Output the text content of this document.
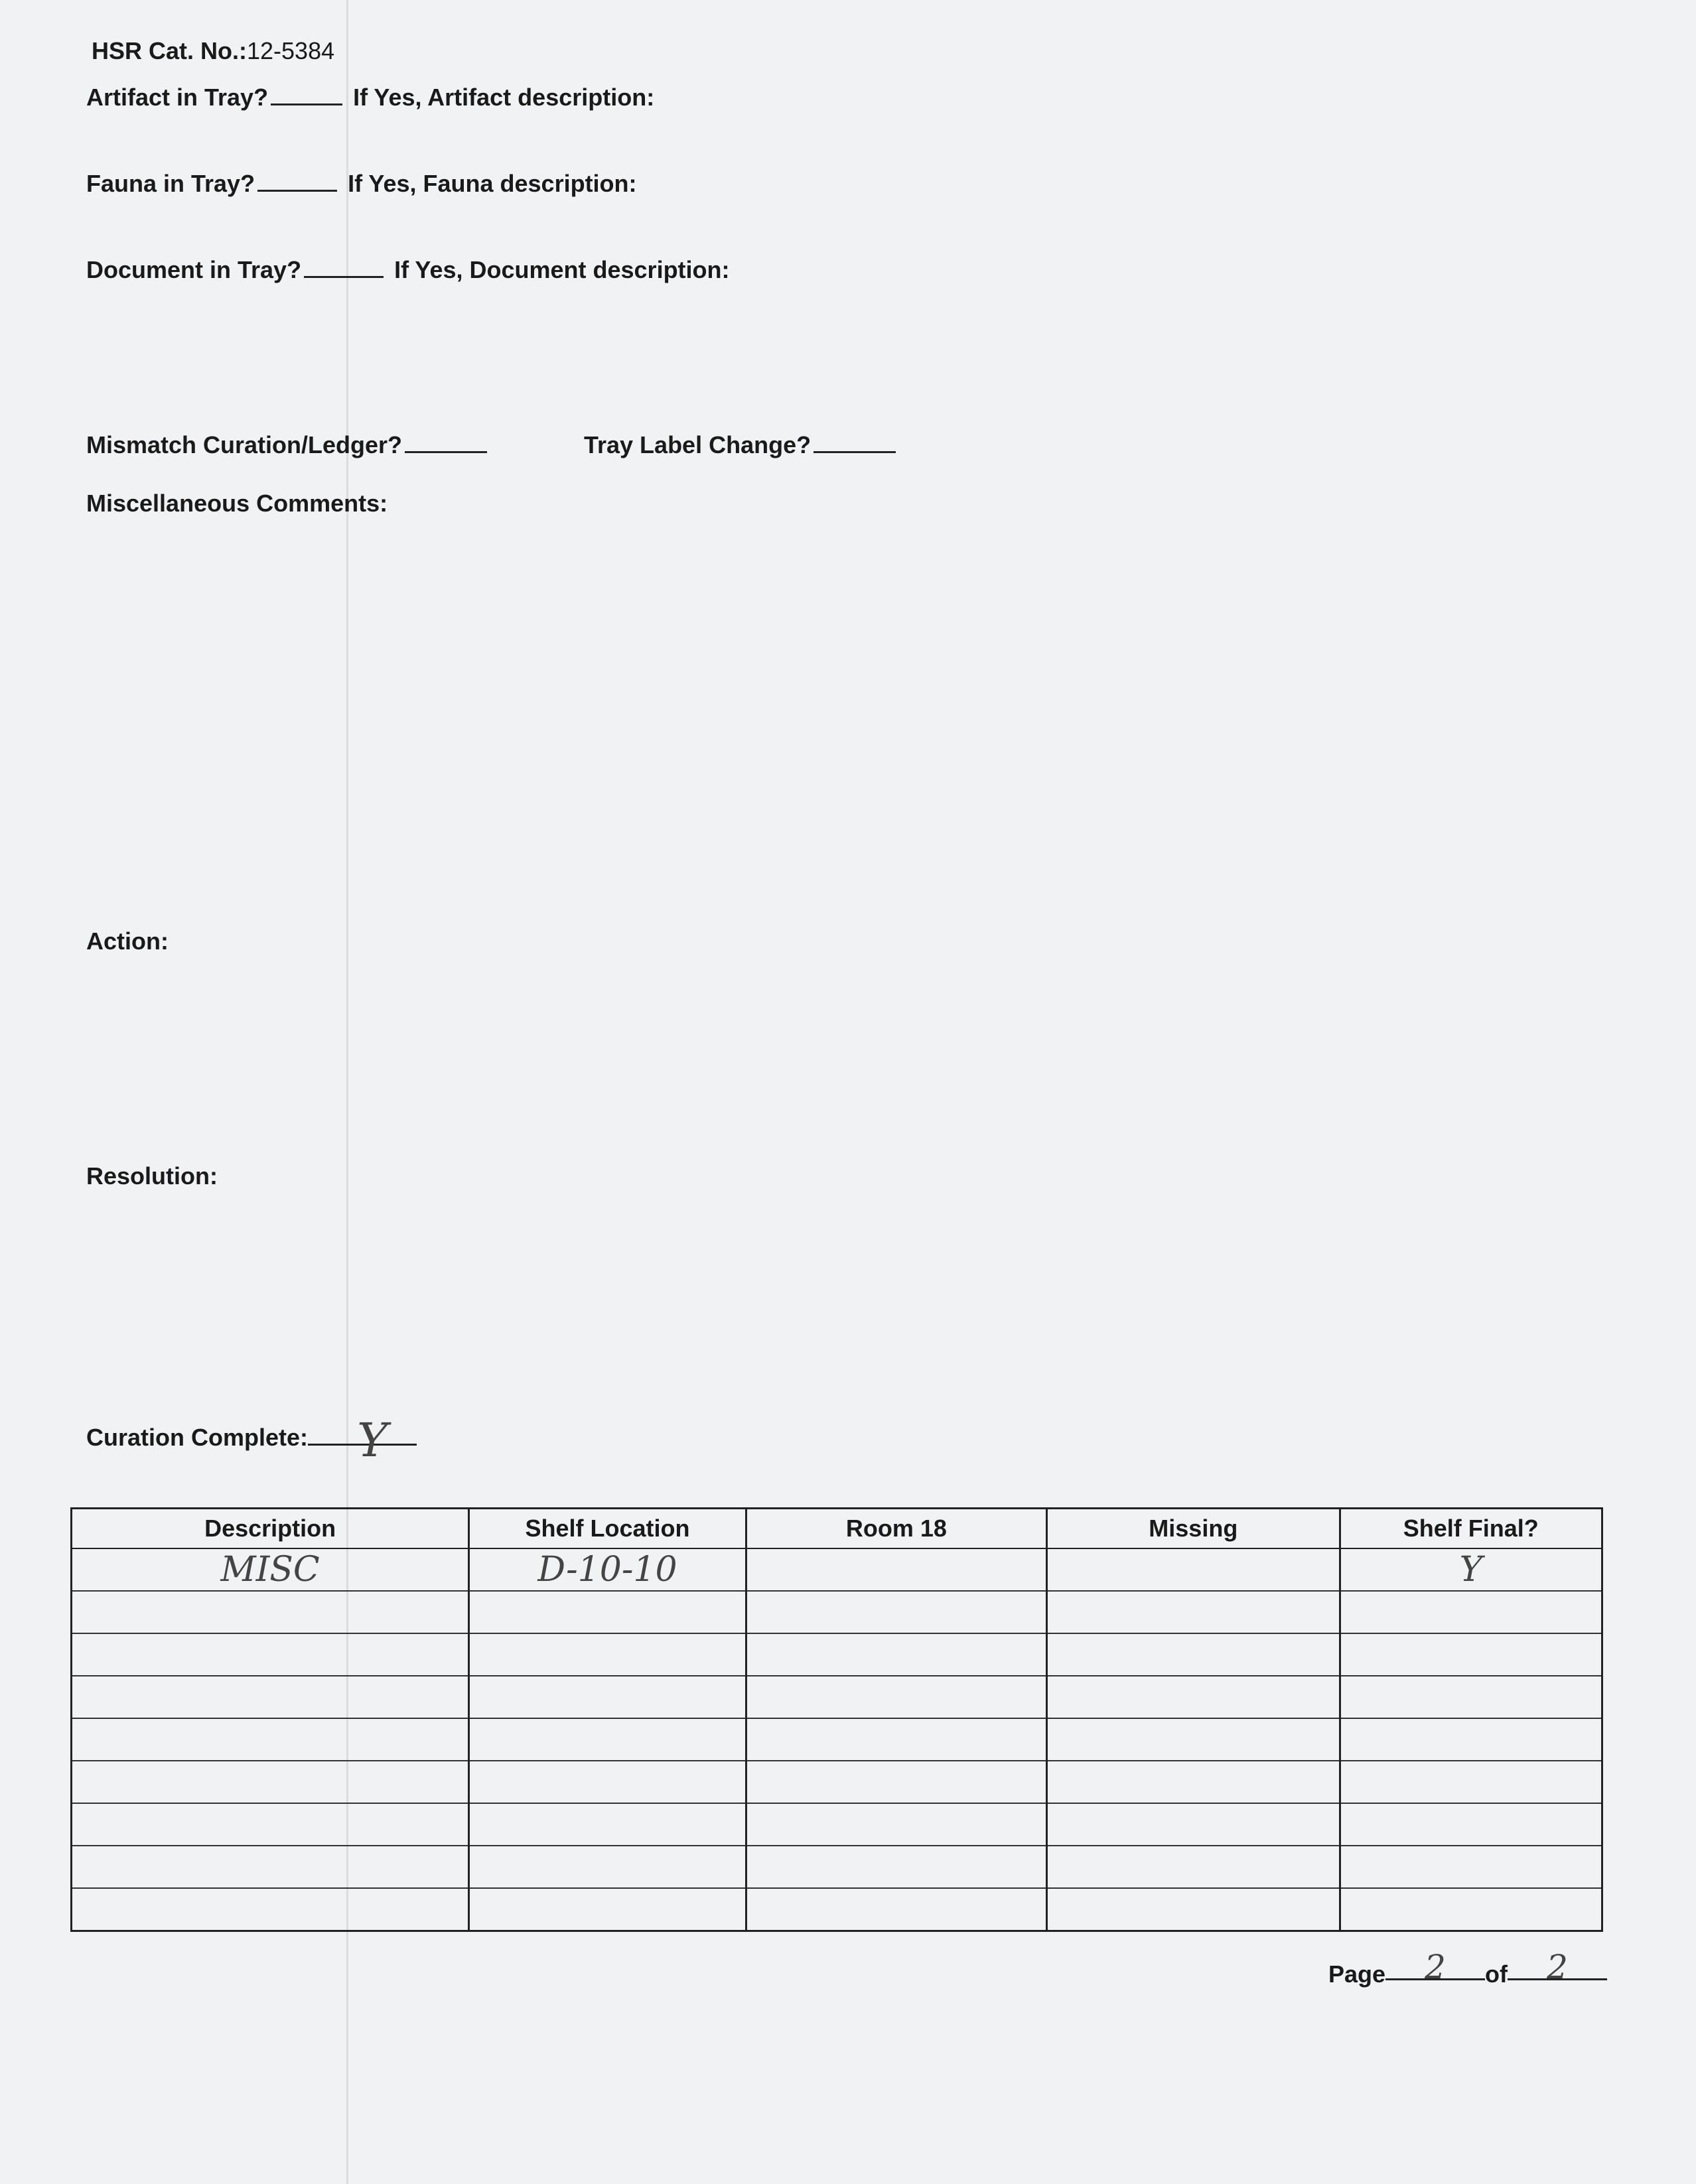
HSR Cat. No.:12-5384
Artifact in Tray?	If Yes, Artifact description:
Fauna in Tray?	If Yes, Fauna description:
Document in Tray?	If Yes, Document description:
Mismatch Curation/Ledger?	Tray Label Change?
Miscellaneous Comments:
Action:
Resolution:
Curation Complete:	Y
Description	Shelf Location	Room 18	Missing	Shelf Final?
MISC	D-10-10			Y

Page 2 of 2
